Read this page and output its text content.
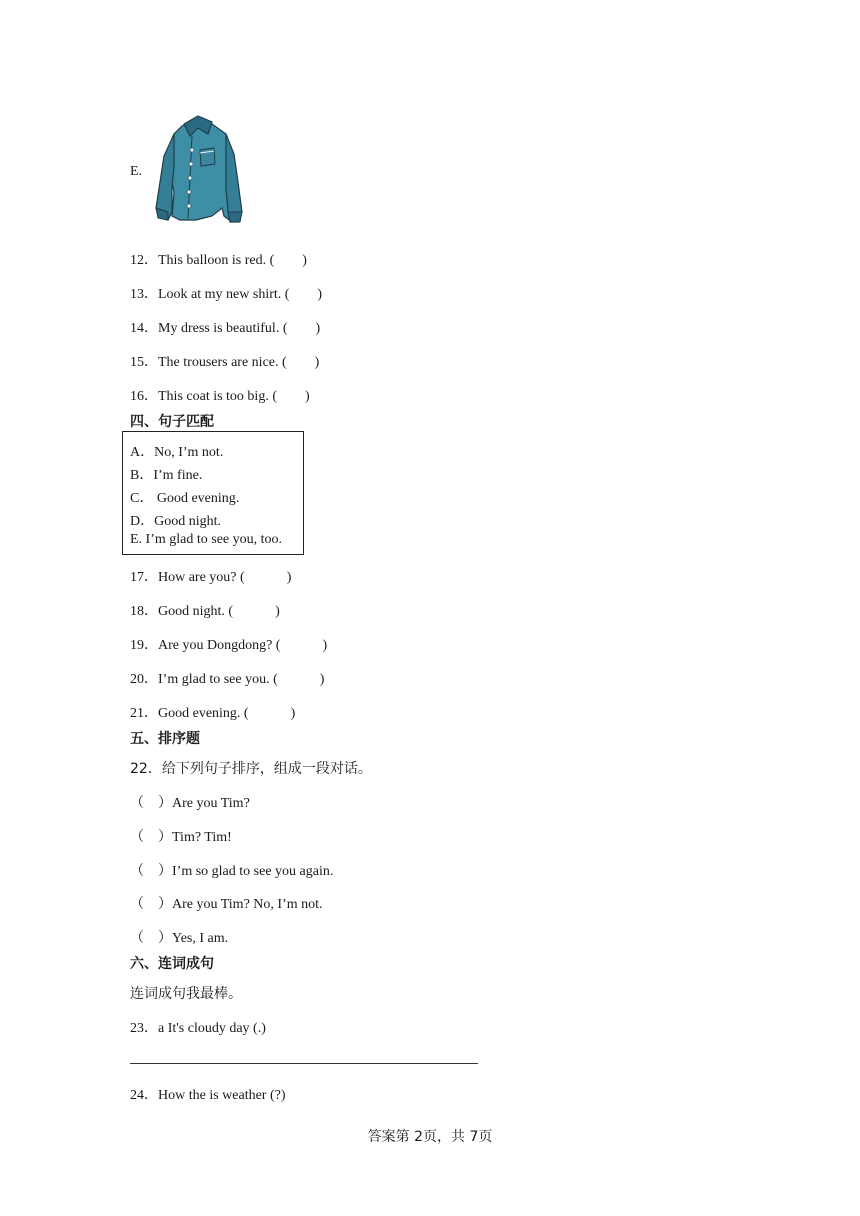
E.
12．This balloon is red. ( )
13．Look at my new shirt. ( )
14．My dress is beautiful. ( )
15．The trousers are nice. ( )
16．This coat is too big. ( )
四、句子匹配
A．No, I’m not.
B．I’m fine.
C． Good evening.
D．Good night.
E. I’m glad to see you, too.
17．How are you? (	)
18．Good night. (	)
19．Are you Dongdong? (	)
20．I’m glad to see you. (	)
21．Good evening. (	)
五、排序题
22．给下列句子排序，组成一段对话。
（　）Are you Tim?
（　）Tim? Tim!
（　）I’m so glad to see you again.
（　）Are you Tim? No, I’m not.
（　）Yes, I am.
六、连词成句
连词成句我最棒。
23．a It's cloudy day (.)
24．How the is weather (?)
答案第 2页，共 7页
